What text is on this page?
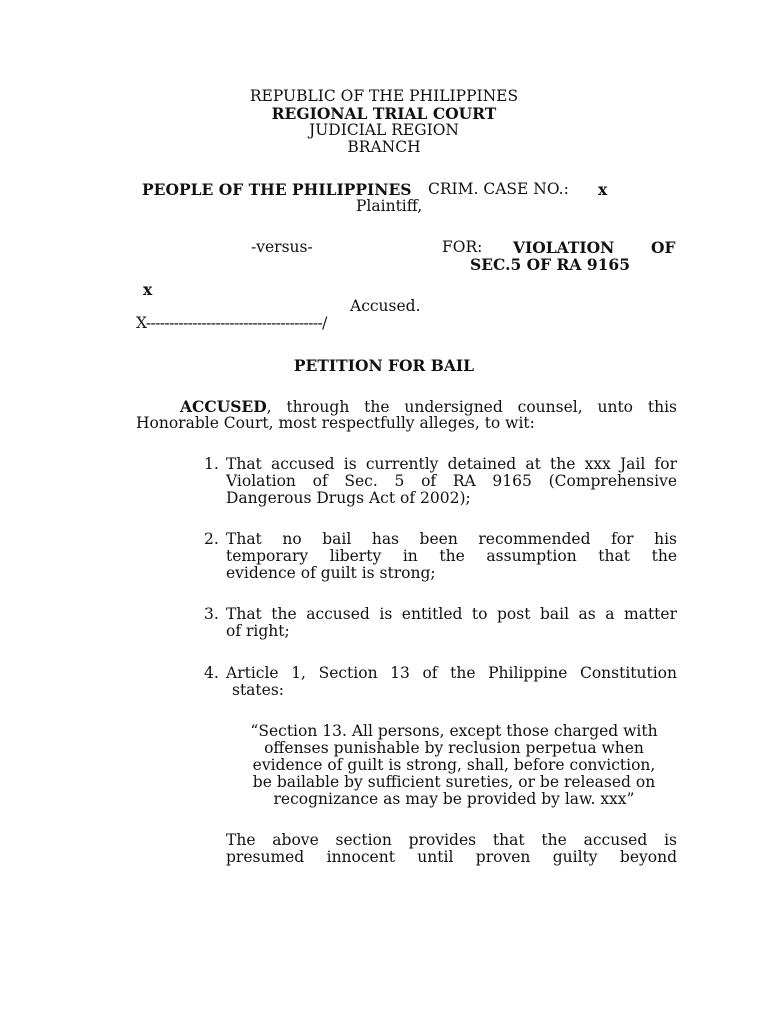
REPUBLIC OF THE PHILIPPINES

REGIONAL TRIAL COURT

JUDICIAL REGION

BRANCH

PEOPLE OF THE PHILIPPINES CRIM. CASE NO.: x

Plaintiff,

-versus-	FOR: VIOLATION OF

SEC.5 OF RA 9165

x

Accused.

X--------------------------------------/

PETITION FOR BAIL

ACCUSED, through the undersigned counsel, unto this

Honorable Court, most respectfully alleges, to wit:

1. That accused is currently detained at the xxx Jail for

Violation of Sec. 5 of RA 9165 (Comprehensive

Dangerous Drugs Act of 2002);

2. That no bail has been recommended for his

temporary liberty in the assumption that the

evidence of guilt is strong;

3. That the accused is entitled to post bail as a matter

of right;

4. Article 1, Section 13 of the Philippine Constitution

states:

“Section 13. All persons, except those charged with

offenses punishable by reclusion perpetua when

evidence of guilt is strong, shall, before conviction,

be bailable by sufficient sureties, or be released on

recognizance as may be provided by law. xxx”

The above section provides that the accused is

presumed innocent until proven guilty beyond
